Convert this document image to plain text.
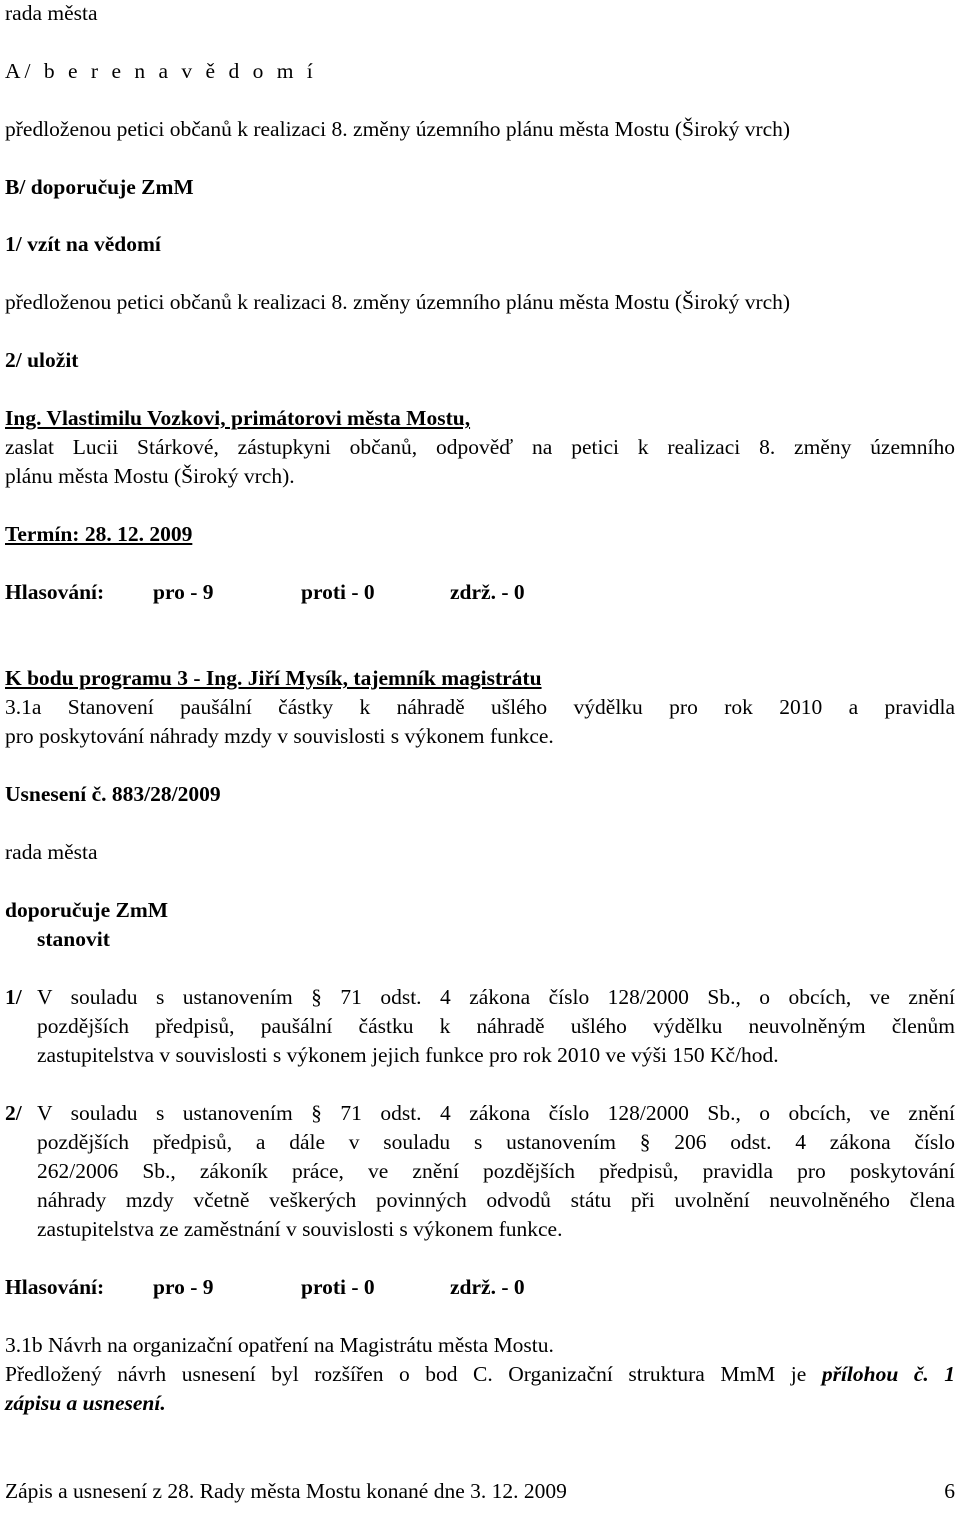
rada města
A/ b e r e n a v ě d o m í
předloženou petici občanů k realizaci 8. změny územního plánu města Mostu (Široký vrch)
B/ doporučuje ZmM
1/ vzít na vědomí
předloženou petici občanů k realizaci 8. změny územního plánu města Mostu (Široký vrch)
2/ uložit
Ing. Vlastimilu Vozkovi, primátorovi města Mostu,
zaslat Lucii Stárkové, zástupkyni občanů, odpověď na petici k realizaci 8. změny územního
plánu města Mostu (Široký vrch).
Termín: 28. 12. 2009
Hlasování: pro - 9	proti - 0	zdrž. - 0
K bodu programu 3 - Ing. Jiří Mysík, tajemník magistrátu
3.1a Stanovení paušální částky k náhradě ušlého výdělku pro rok 2010 a pravidla
pro poskytování náhrady mzdy v souvislosti s výkonem funkce.
Usnesení č. 883/28/2009
rada města
doporučuje ZmM
stanovit
1/ V souladu s ustanovením § 71 odst. 4 zákona číslo 128/2000 Sb., o obcích, ve znění
pozdějších předpisů, paušální částku k náhradě ušlého výdělku neuvolněným členům
zastupitelstva v souvislosti s výkonem jejich funkce pro rok 2010 ve výši 150 Kč/hod.
2/ V souladu s ustanovením § 71 odst. 4 zákona číslo 128/2000 Sb., o obcích, ve znění
pozdějších předpisů, a dále v souladu s ustanovením § 206 odst. 4 zákona číslo
262/2006 Sb., zákoník práce, ve znění pozdějších předpisů, pravidla pro poskytování
náhrady mzdy včetně veškerých povinných odvodů státu při uvolnění neuvolněného člena
zastupitelstva ze zaměstnání v souvislosti s výkonem funkce.
Hlasování: pro - 9	proti - 0	zdrž. - 0
3.1b Návrh na organizační opatření na Magistrátu města Mostu.
Předložený návrh usnesení byl rozšířen o bod C. Organizační struktura MmM je přílohou č. 1
zápisu a usnesení.
Zápis a usnesení z 28. Rady města Mostu konané dne 3. 12. 2009	6
